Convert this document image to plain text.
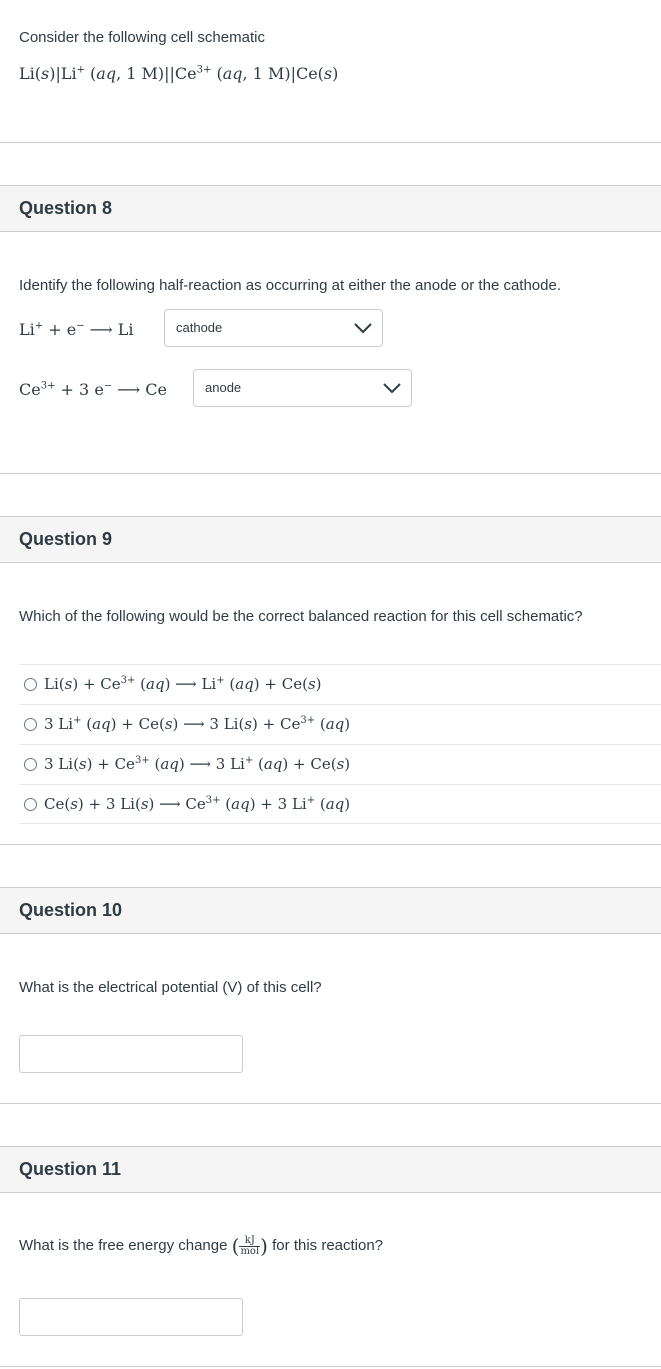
Consider the following cell schematic
Li(s)|Li+ (aq, 1 $M)||Ce^{3+}$ (aq, 1 M)|Ce(s)
Question 8
Identify the following half-reaction as occurring at either the anode or the cathode.
Li+ + e− ⟶ Li	cathode
$Ce^{3+} + 3$ e− ⟶ Ce	anode
Question 9
Which of the following would be the correct balanced reaction for this cell schematic?
$Li(s) + Ce^{3+}$ (aq) ⟶ Li+ (aq) + Ce(s)
3 Li+ (aq) + Ce(s) ⟶ 3 $Li(s) + Ce^{3+}$ (aq)
3 $Li(s) + Ce^{3+}$ (aq) ⟶ 3 Li+ (aq) + Ce(s)
Ce(s) + 3 Li(s) ⟶ $Ce^{3+}$ (aq) + 3 Li+ (aq)
Question 10
What is the electrical potential (V) of this cell?
Question 11
What is the free energy change ( $\frac{kJ}{\text{mol}}$ ) for this reaction?
